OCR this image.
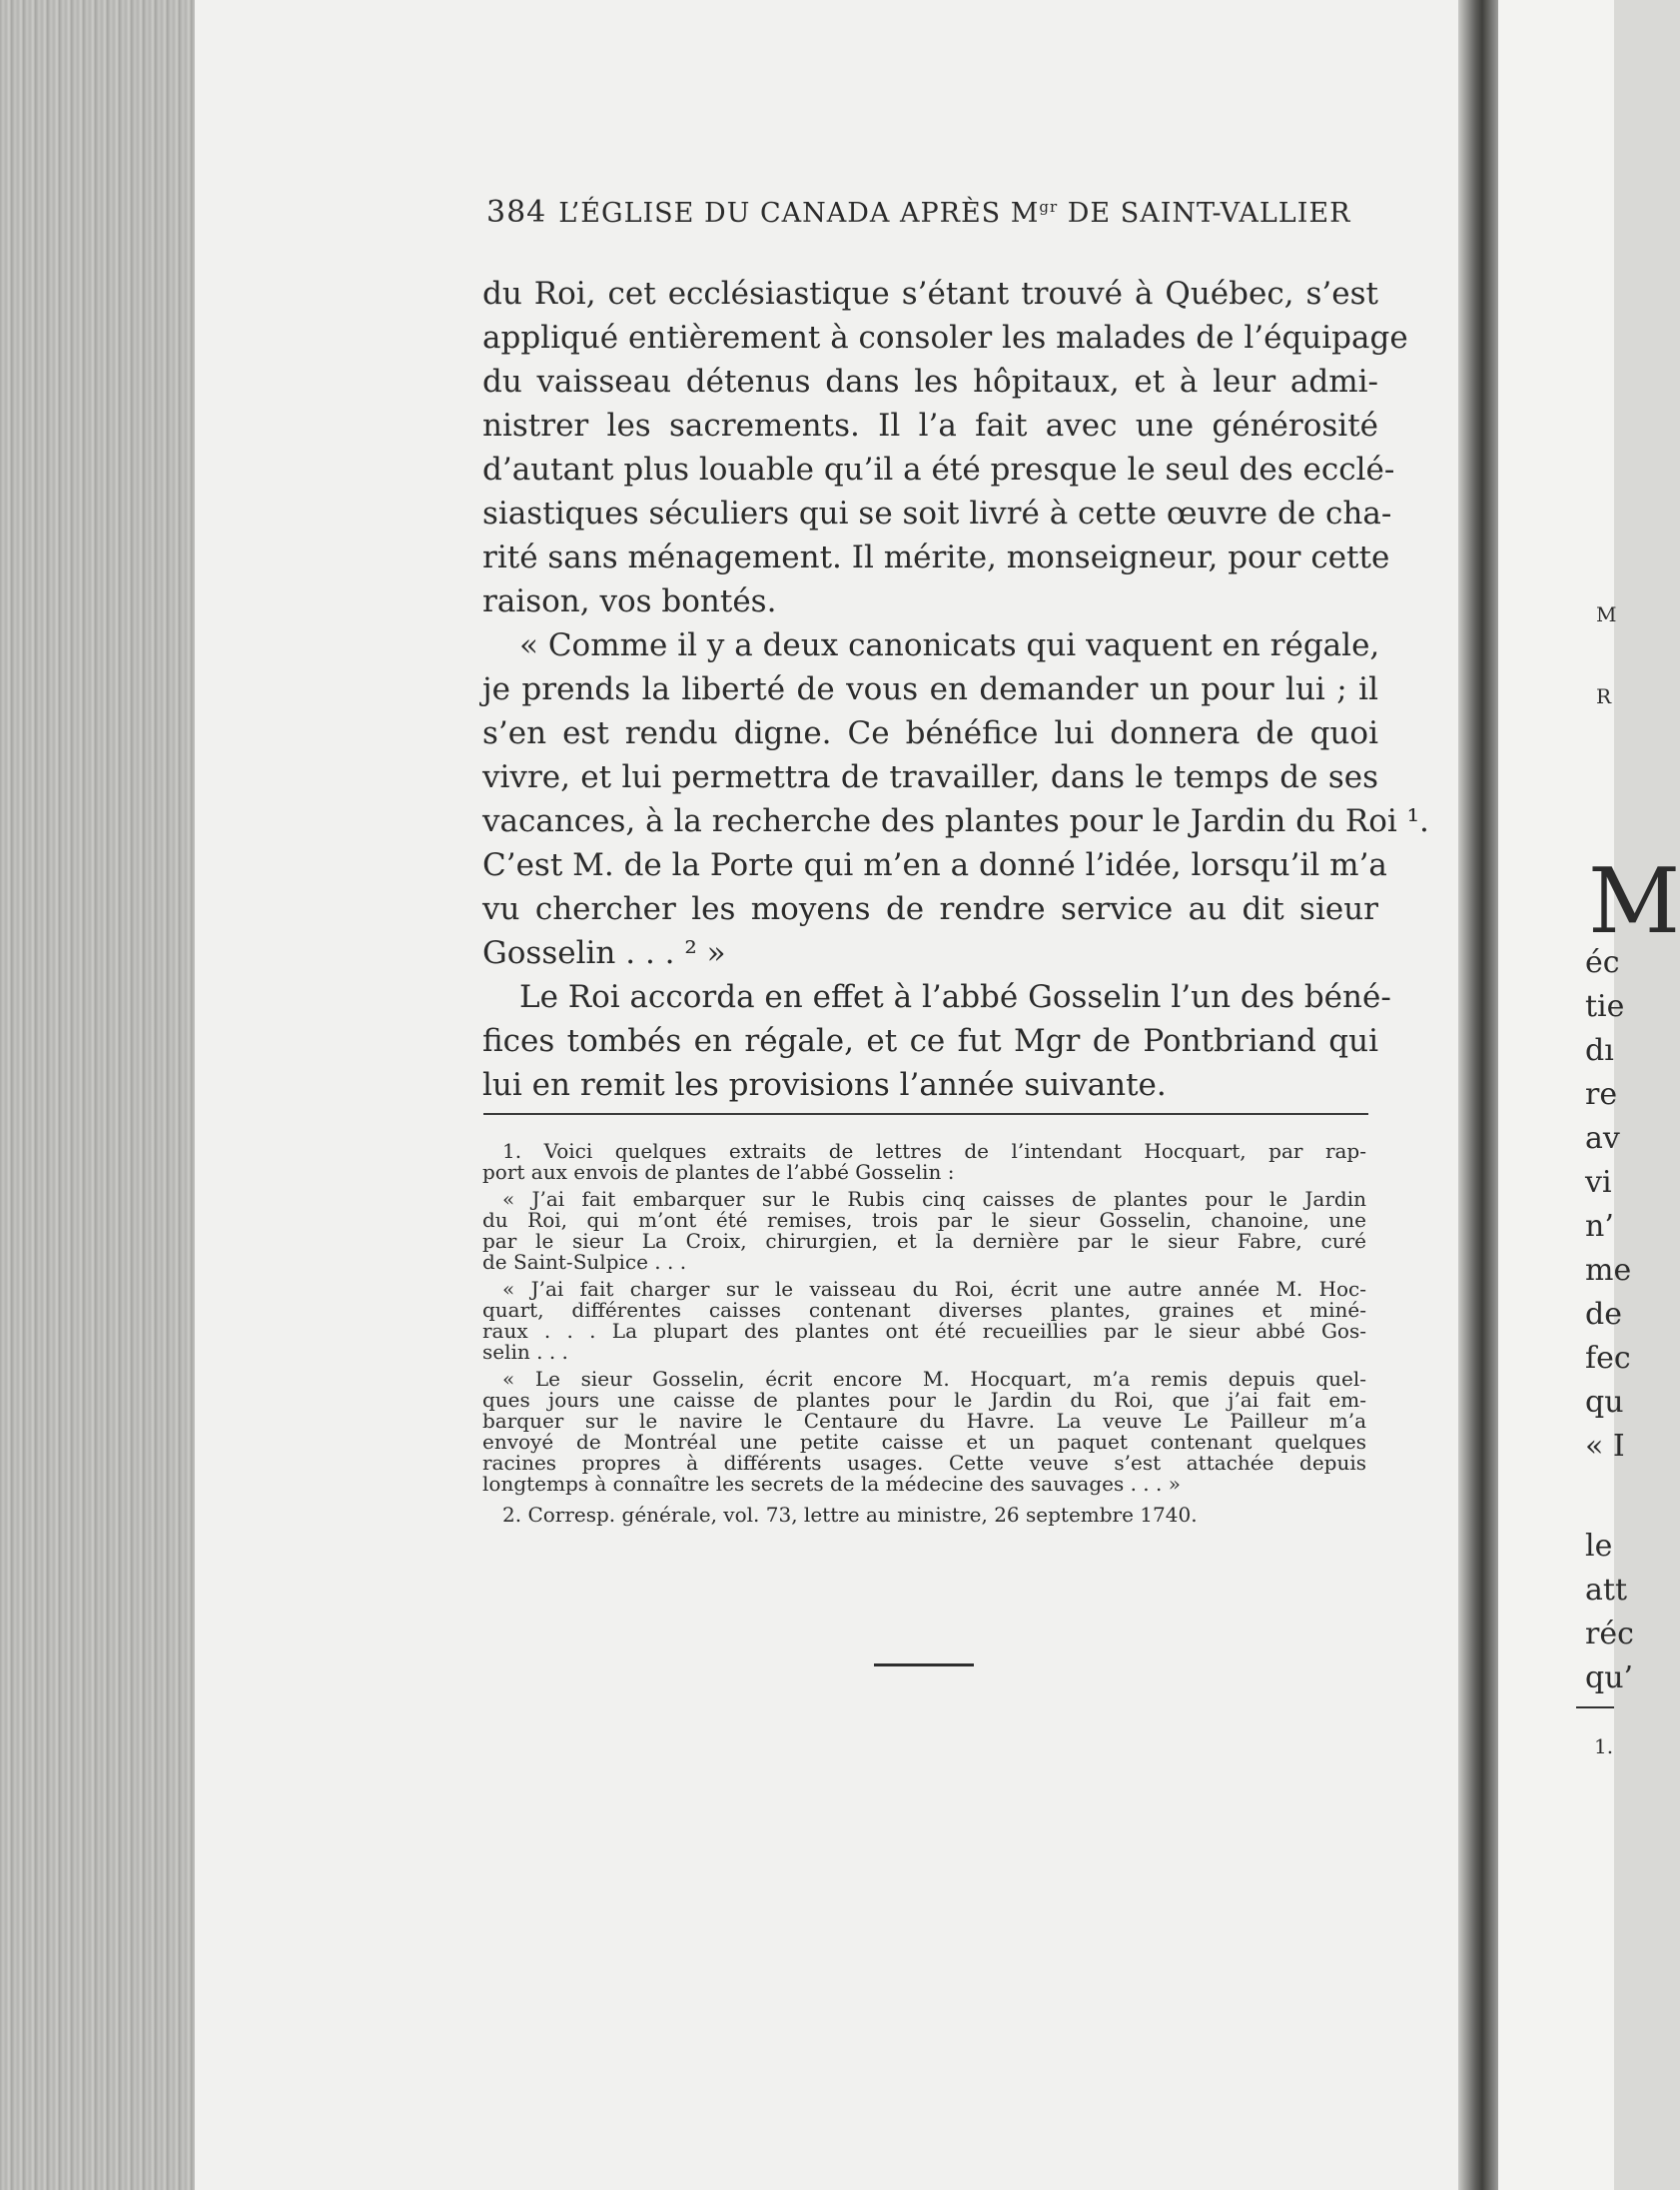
384 L’ÉGLISE DU CANADA APRÈS $M^{gr}$ DE SAINT-VALLIER
du Roi, cet ecclésiastique s’étant trouvé à Québec, s’est
appliqué entièrement à consoler les malades de l’équipage
du vaisseau détenus dans les hôpitaux, et à leur admi-
nistrer les sacrements. Il l’a fait avec une générosité
d’autant plus louable qu’il a été presque le seul des ecclé-
siastiques séculiers qui se soit livré à cette œuvre de cha-
rité sans ménagement. Il mérite, monseigneur, pour cette
raison, vos bontés.
« Comme il y a deux canonicats qui vaquent en régale,
je prends la liberté de vous en demander un pour lui ; il
s’en est rendu digne. Ce bénéfice lui donnera de quoi
vivre, et lui permettra de travailler, dans le temps de ses
vacances, à la recherche des plantes pour le Jardin du Roi ¹.
C’est M. de la Porte qui m’en a donné l’idée, lorsqu’il m’a
vu chercher les moyens de rendre service au dit sieur
Gosselin . . . ² »
Le Roi accorda en effet à l’abbé Gosselin l’un des béné-
fices tombés en régale, et ce fut Mgr de Pontbriand qui
lui en remit les provisions l’année suivante.
1. Voici quelques extraits de lettres de l’intendant Hocquart, par rap-
port aux envois de plantes de l’abbé Gosselin :
« J’ai fait embarquer sur le Rubis cinq caisses de plantes pour le Jardin
du Roi, qui m’ont été remises, trois par le sieur Gosselin, chanoine, une
par le sieur La Croix, chirurgien, et la dernière par le sieur Fabre, curé
de Saint-Sulpice . . .
« J’ai fait charger sur le vaisseau du Roi, écrit une autre année M. Hoc-
quart, différentes caisses contenant diverses plantes, graines et miné-
raux . . . La plupart des plantes ont été recueillies par le sieur abbé Gos-
selin . . .
« Le sieur Gosselin, écrit encore M. Hocquart, m’a remis depuis quel-
ques jours une caisse de plantes pour le Jardin du Roi, que j’ai fait em-
barquer sur le navire le Centaure du Havre. La veuve Le Pailleur m’a
envoyé de Montréal une petite caisse et un paquet contenant quelques
racines propres à différents usages. Cette veuve s’est attachée depuis
longtemps à connaître les secrets de la médecine des sauvages . . . »
2. Corresp. générale, vol. 73, lettre au ministre, 26 septembre 1740.
M
R
M
éc
tie
dı
re
av
vi
n’
me
de
fec
qu
« I
le
att
réc
qu’
1.
